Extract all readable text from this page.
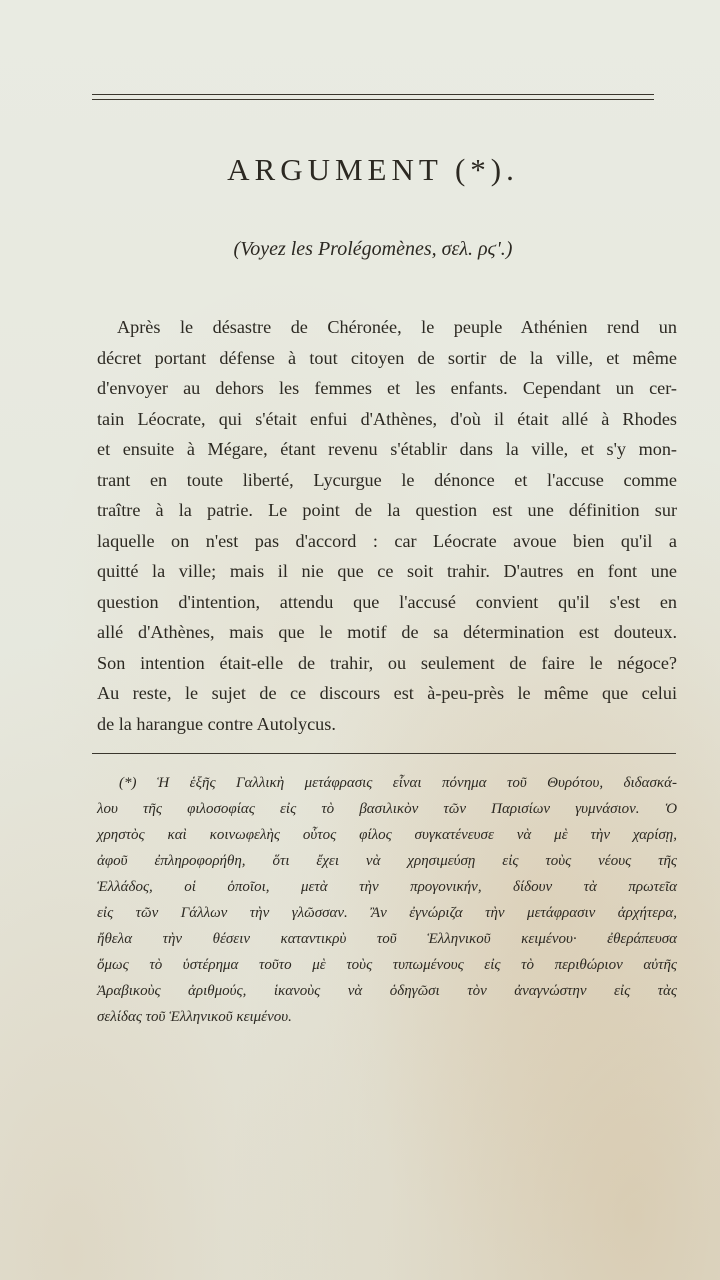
ARGUMENT (*).
(Voyez les Prolégomènes, σελ. ρϛ'.)
Après le désastre de Chéronée, le peuple Athénien rend un
décret portant défense à tout citoyen de sortir de la ville, et même
d'envoyer au dehors les femmes et les enfants. Cependant un cer-
tain Léocrate, qui s'était enfui d'Athènes, d'où il était allé à Rhodes
et ensuite à Mégare, étant revenu s'établir dans la ville, et s'y mon-
trant en toute liberté, Lycurgue le dénonce et l'accuse comme
traître à la patrie. Le point de la question est une définition sur
laquelle on n'est pas d'accord : car Léocrate avoue bien qu'il a
quitté la ville; mais il nie que ce soit trahir. D'autres en font une
question d'intention, attendu que l'accusé convient qu'il s'est en
allé d'Athènes, mais que le motif de sa détermination est douteux.
Son intention était-elle de trahir, ou seulement de faire le négoce?
Au reste, le sujet de ce discours est à-peu-près le même que celui
de la harangue contre Autolycus.
(*) Ἡ ἑξῆς Γαλλικὴ μετάφρασις εἶναι πόνημα τοῦ Θυρότου, διδασκά-
λου τῆς φιλοσοφίας εἰς τὸ βασιλικὸν τῶν Παρισίων γυμνάσιον. Ὁ
χρηστὸς καὶ κοινωφελὴς οὗτος φίλος συγκατένευσε νὰ μὲ τὴν χαρίσῃ,
ἀφοῦ ἐπληροφορήθη, ὅτι ἔχει νὰ χρησιμεύσῃ εἰς τοὺς νέους τῆς
Ἑλλάδος, οἱ ὁποῖοι, μετὰ τὴν προγονικήν, δίδουν τὰ πρωτεῖα
εἰς τῶν Γάλλων τὴν γλῶσσαν. Ἂν ἐγνώριζα τὴν μετάφρασιν ἀρχήτερα,
ἤθελα τὴν θέσειν καταντικρὺ τοῦ Ἑλληνικοῦ κειμένου· ἐθεράπευσα
ὅμως τὸ ὑστέρημα τοῦτο μὲ τοὺς τυπωμένους εἰς τὸ περιθώριον αὐτῆς
Ἀραβικοὺς ἀριθμούς, ἱκανοὺς νὰ ὁδηγῶσι τὸν ἀναγνώστην εἰς τὰς
σελίδας τοῦ Ἑλληνικοῦ κειμένου.
